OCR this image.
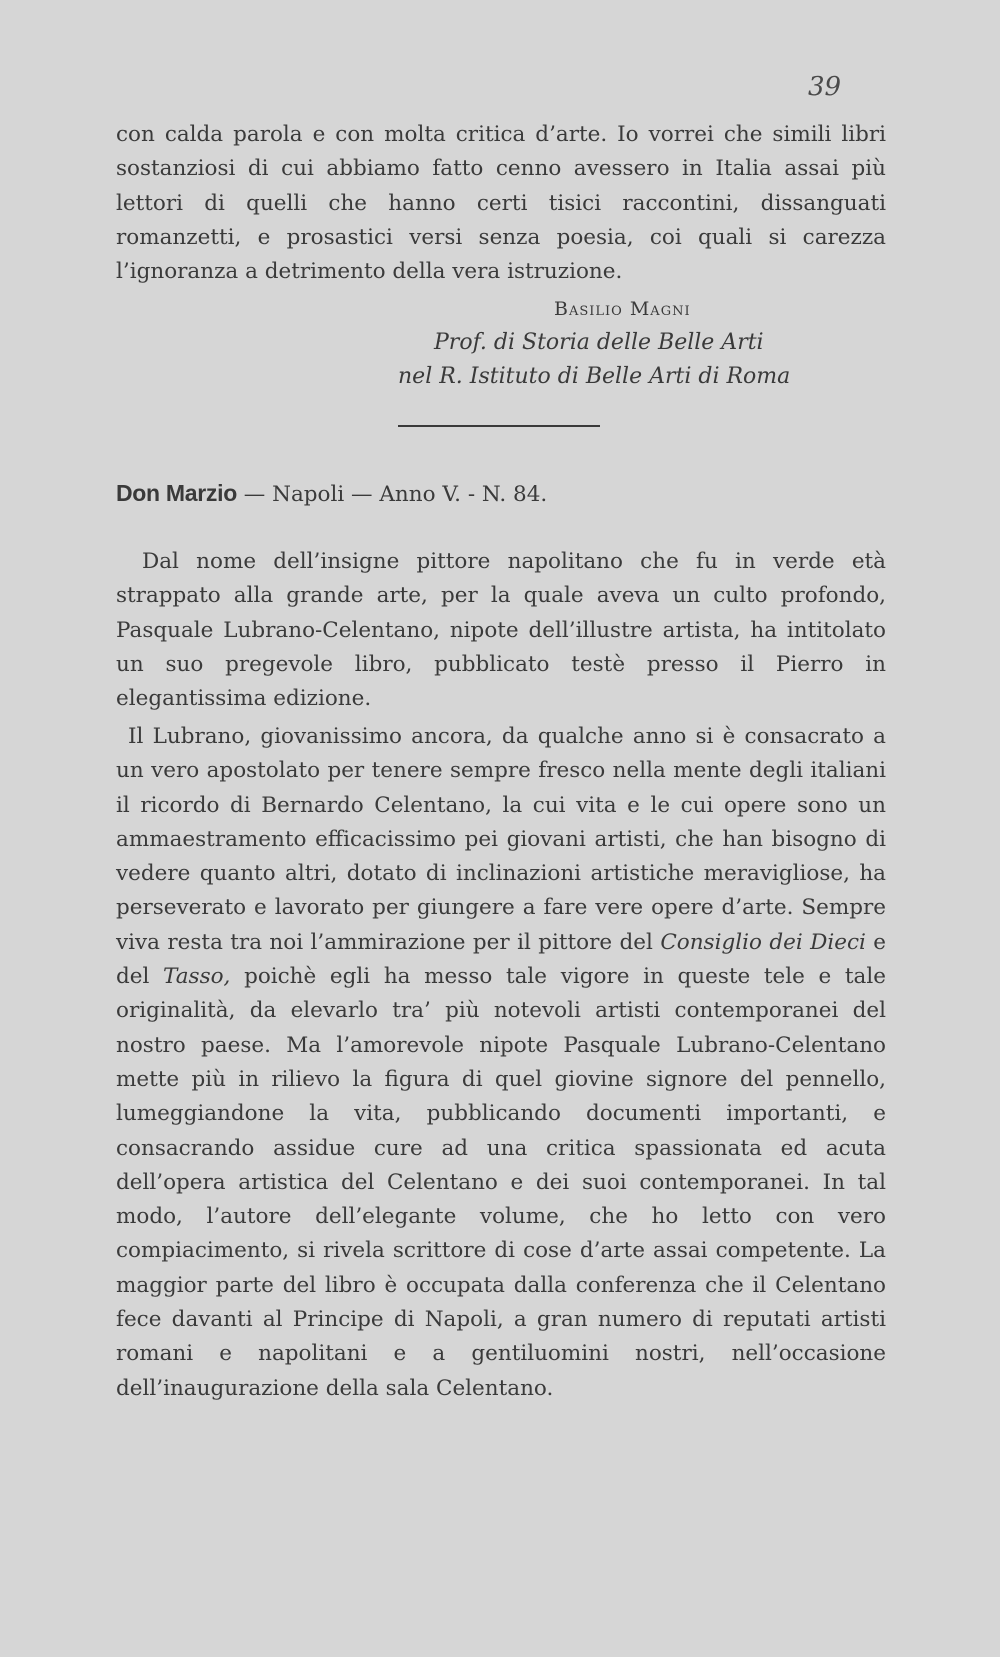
39

con calda parola e con molta critica d’arte. Io vorrei che simili libri sostanziosi di cui abbiamo fatto cenno avessero in Italia assai più lettori di quelli che hanno certi tisici raccontini, dissanguati romanzetti, e prosastici versi senza poesia, coi quali si carezza l’ignoranza a detrimento della vera istruzione.

Basilio Magni
Prof. di Storia delle Belle Arti
nel R. Istituto di Belle Arti di Roma
Don Marzio — Napoli — Anno V. - N. 84.

Dal nome dell’insigne pittore napolitano che fu in verde età strappato alla grande arte, per la quale aveva un culto profondo, Pasquale Lubrano-Celentano, nipote dell’illustre artista, ha intitolato un suo pregevole libro, pubblicato testè presso il Pierro in elegantissima edizione.

Il Lubrano, giovanissimo ancora, da qualche anno si è consacrato a un vero apostolato per tenere sempre fresco nella mente degli italiani il ricordo di Bernardo Celentano, la cui vita e le cui opere sono un ammaestramento efficacissimo pei giovani artisti, che han bisogno di vedere quanto altri, dotato di inclinazioni artistiche meravigliose, ha perseverato e lavorato per giungere a fare vere opere d’arte. Sempre viva resta tra noi l’ammirazione per il pittore del Consiglio dei Dieci e del Tasso, poichè egli ha messo tale vigore in queste tele e tale originalità, da elevarlo tra’ più notevoli artisti contemporanei del nostro paese. Ma l’amorevole nipote Pasquale Lubrano-Celentano mette più in rilievo la figura di quel giovine signore del pennello, lumeggiandone la vita, pubblicando documenti importanti, e consacrando assidue cure ad una critica spassionata ed acuta dell’opera artistica del Celentano e dei suoi contemporanei. In tal modo, l’autore dell’elegante volume, che ho letto con vero compiacimento, si rivela scrittore di cose d’arte assai competente. La maggior parte del libro è occupata dalla conferenza che il Celentano fece davanti al Principe di Napoli, a gran numero di reputati artisti romani e napolitani e a gentiluomini nostri, nell’occasione dell’inaugurazione della sala Celentano.
